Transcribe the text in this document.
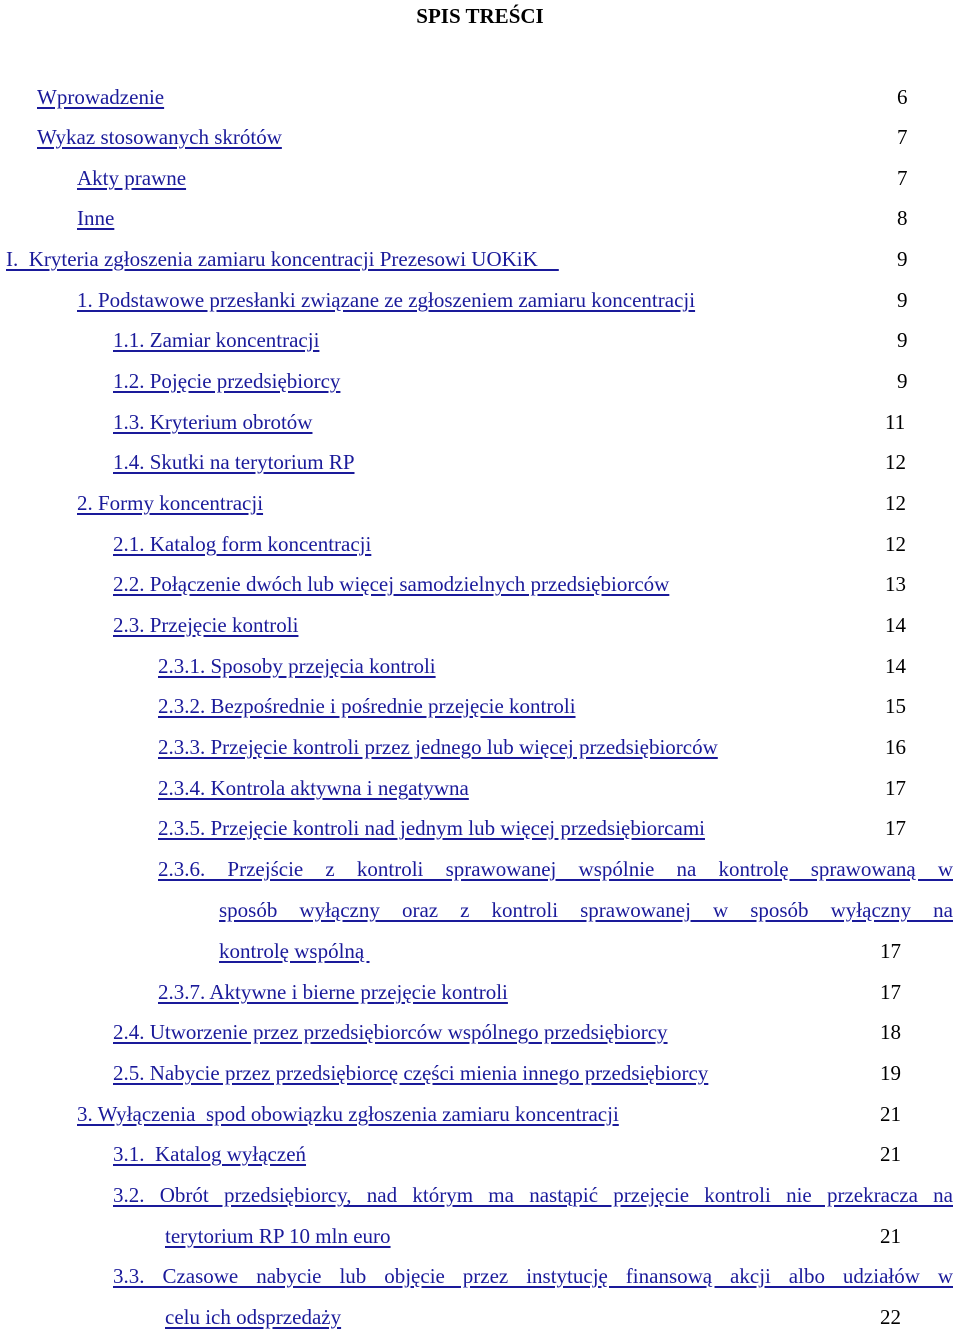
SPIS TREŚCI
Wprowadzenie	6
Wykaz stosowanych skrótów	7
Akty prawne	7
Inne	8
I.  Kryteria zgłoszenia zamiaru koncentracji Prezesowi UOKiK	9
1. Podstawowe przesłanki związane ze zgłoszeniem zamiaru koncentracji	9
1.1. Zamiar koncentracji	9
1.2. Pojęcie przedsiębiorcy	9
1.3. Kryterium obrotów	11
1.4. Skutki na terytorium RP	12
2. Formy koncentracji	12
2.1. Katalog form koncentracji	12
2.2. Połączenie dwóch lub więcej samodzielnych przedsiębiorców	13
2.3. Przejęcie kontroli	14
2.3.1. Sposoby przejęcia kontroli	14
2.3.2. Bezpośrednie i pośrednie przejęcie kontroli	15
2.3.3. Przejęcie kontroli przez jednego lub więcej przedsiębiorców	16
2.3.4. Kontrola aktywna i negatywna	17
2.3.5. Przejęcie kontroli nad jednym lub więcej przedsiębiorcami	17
2.3.6. Przejście z kontroli sprawowanej wspólnie na kontrolę sprawowaną w
sposób wyłączny oraz z kontroli sprawowanej w sposób wyłączny na
kontrolę wspólną	17
2.3.7. Aktywne i bierne przejęcie kontroli	17
2.4. Utworzenie przez przedsiębiorców wspólnego przedsiębiorcy	18
2.5. Nabycie przez przedsiębiorcę części mienia innego przedsiębiorcy	19
3. Wyłączenia  spod obowiązku zgłoszenia zamiaru koncentracji	21
3.1.  Katalog wyłączeń	21
3.2. Obrót przedsiębiorcy, nad którym ma nastąpić przejęcie kontroli nie przekracza na
terytorium RP 10 mln euro	21
3.3. Czasowe nabycie lub objęcie przez instytucję finansową akcji albo udziałów w
celu ich odsprzedaży	22
